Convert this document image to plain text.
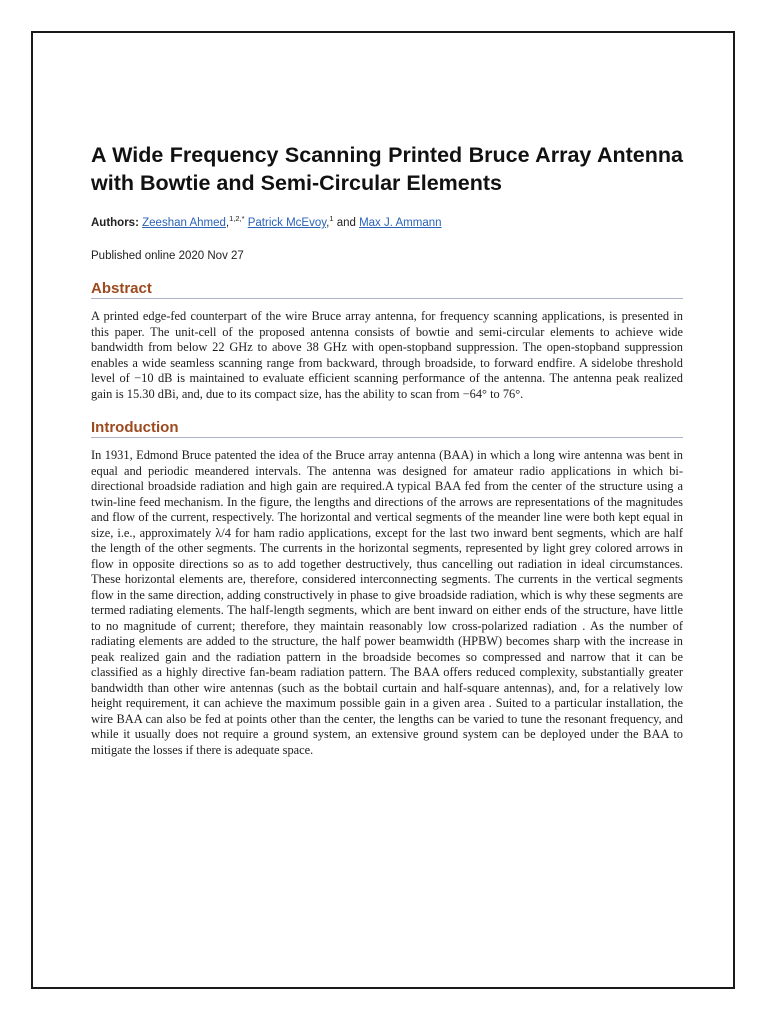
A Wide Frequency Scanning Printed Bruce Array Antenna with Bowtie and Semi-Circular Elements
Authors: Zeeshan Ahmed,$^{1,2,*}$ Patrick McEvoy,$^1$ and Max J. Ammann
Published online 2020 Nov 27
Abstract
A printed edge-fed counterpart of the wire Bruce array antenna, for frequency scanning applications, is presented in this paper. The unit-cell of the proposed antenna consists of bowtie and semi-circular elements to achieve wide bandwidth from below 22 GHz to above 38 GHz with open-stopband suppression. The open-stopband suppression enables a wide seamless scanning range from backward, through broadside, to forward endfire. A sidelobe threshold level of −10 dB is maintained to evaluate efficient scanning performance of the antenna. The antenna peak realized gain is 15.30 dBi, and, due to its compact size, has the ability to scan from −64° to 76°.
Introduction
In 1931, Edmond Bruce patented the idea of the Bruce array antenna (BAA) in which a long wire antenna was bent in equal and periodic meandered intervals. The antenna was designed for amateur radio applications in which bi-directional broadside radiation and high gain are required.A typical BAA fed from the center of the structure using a twin-line feed mechanism. In the figure, the lengths and directions of the arrows are representations of the magnitudes and flow of the current, respectively. The horizontal and vertical segments of the meander line were both kept equal in size, i.e., approximately λ/4 for ham radio applications, except for the last two inward bent segments, which are half the length of the other segments. The currents in the horizontal segments, represented by light grey colored arrows in flow in opposite directions so as to add together destructively, thus cancelling out radiation in ideal circumstances. These horizontal elements are, therefore, considered interconnecting segments. The currents in the vertical segments flow in the same direction, adding constructively in phase to give broadside radiation, which is why these segments are termed radiating elements. The half-length segments, which are bent inward on either ends of the structure, have little to no magnitude of current; therefore, they maintain reasonably low cross-polarized radiation . As the number of radiating elements are added to the structure, the half power beamwidth (HPBW) becomes sharp with the increase in peak realized gain and the radiation pattern in the broadside becomes so compressed and narrow that it can be classified as a highly directive fan-beam radiation pattern. The BAA offers reduced complexity, substantially greater bandwidth than other wire antennas (such as the bobtail curtain and half-square antennas), and, for a relatively low height requirement, it can achieve the maximum possible gain in a given area . Suited to a particular installation, the wire BAA can also be fed at points other than the center, the lengths can be varied to tune the resonant frequency, and while it usually does not require a ground system, an extensive ground system can be deployed under the BAA to mitigate the losses if there is adequate space.
